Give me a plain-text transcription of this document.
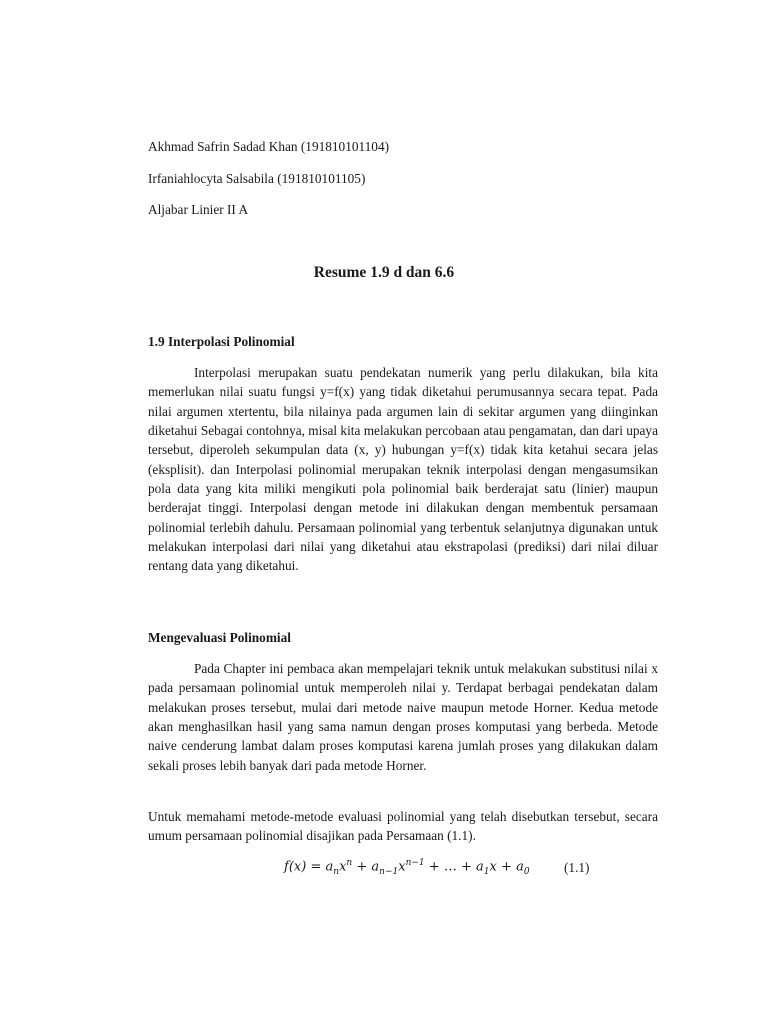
Akhmad Safrin Sadad Khan (191810101104)
Irfaniahlocyta Salsabila (191810101105)
Aljabar Linier II A
Resume 1.9 d dan 6.6
1.9 Interpolasi Polinomial

Interpolasi merupakan suatu pendekatan numerik yang perlu dilakukan, bila kita memerlukan nilai suatu fungsi y=f(x) yang tidak diketahui perumusannya secara tepat. Pada nilai argumen xtertentu, bila nilainya pada argumen lain di sekitar argumen yang diinginkan diketahui Sebagai contohnya, misal kita melakukan percobaan atau pengamatan, dan dari upaya tersebut, diperoleh sekumpulan data (x, y) hubungan y=f(x) tidak kita ketahui secara jelas (eksplisit). dan Interpolasi polinomial merupakan teknik interpolasi dengan mengasumsikan pola data yang kita miliki mengikuti pola polinomial baik berderajat satu (linier) maupun berderajat tinggi. Interpolasi dengan metode ini dilakukan dengan membentuk persamaan polinomial terlebih dahulu. Persamaan polinomial yang terbentuk selanjutnya digunakan untuk melakukan interpolasi dari nilai yang diketahui atau ekstrapolasi (prediksi) dari nilai diluar rentang data yang diketahui.

Mengevaluasi Polinomial

Pada Chapter ini pembaca akan mempelajari teknik untuk melakukan substitusi nilai x pada persamaan polinomial untuk memperoleh nilai y. Terdapat berbagai pendekatan dalam melakukan proses tersebut, mulai dari metode naive maupun metode Horner. Kedua metode akan menghasilkan hasil yang sama namun dengan proses komputasi yang berbeda. Metode naive cenderung lambat dalam proses komputasi karena jumlah proses yang dilakukan dalam sekali proses lebih banyak dari pada metode Horner.

Untuk memahami metode-metode evaluasi polinomial yang telah disebutkan tersebut, secara umum persamaan polinomial disajikan pada Persamaan (1.1).

$f(x) = a_nx^n + a_{n-1}x^{n-1}$ + … + $a_1x + a_0$	(1.1)
